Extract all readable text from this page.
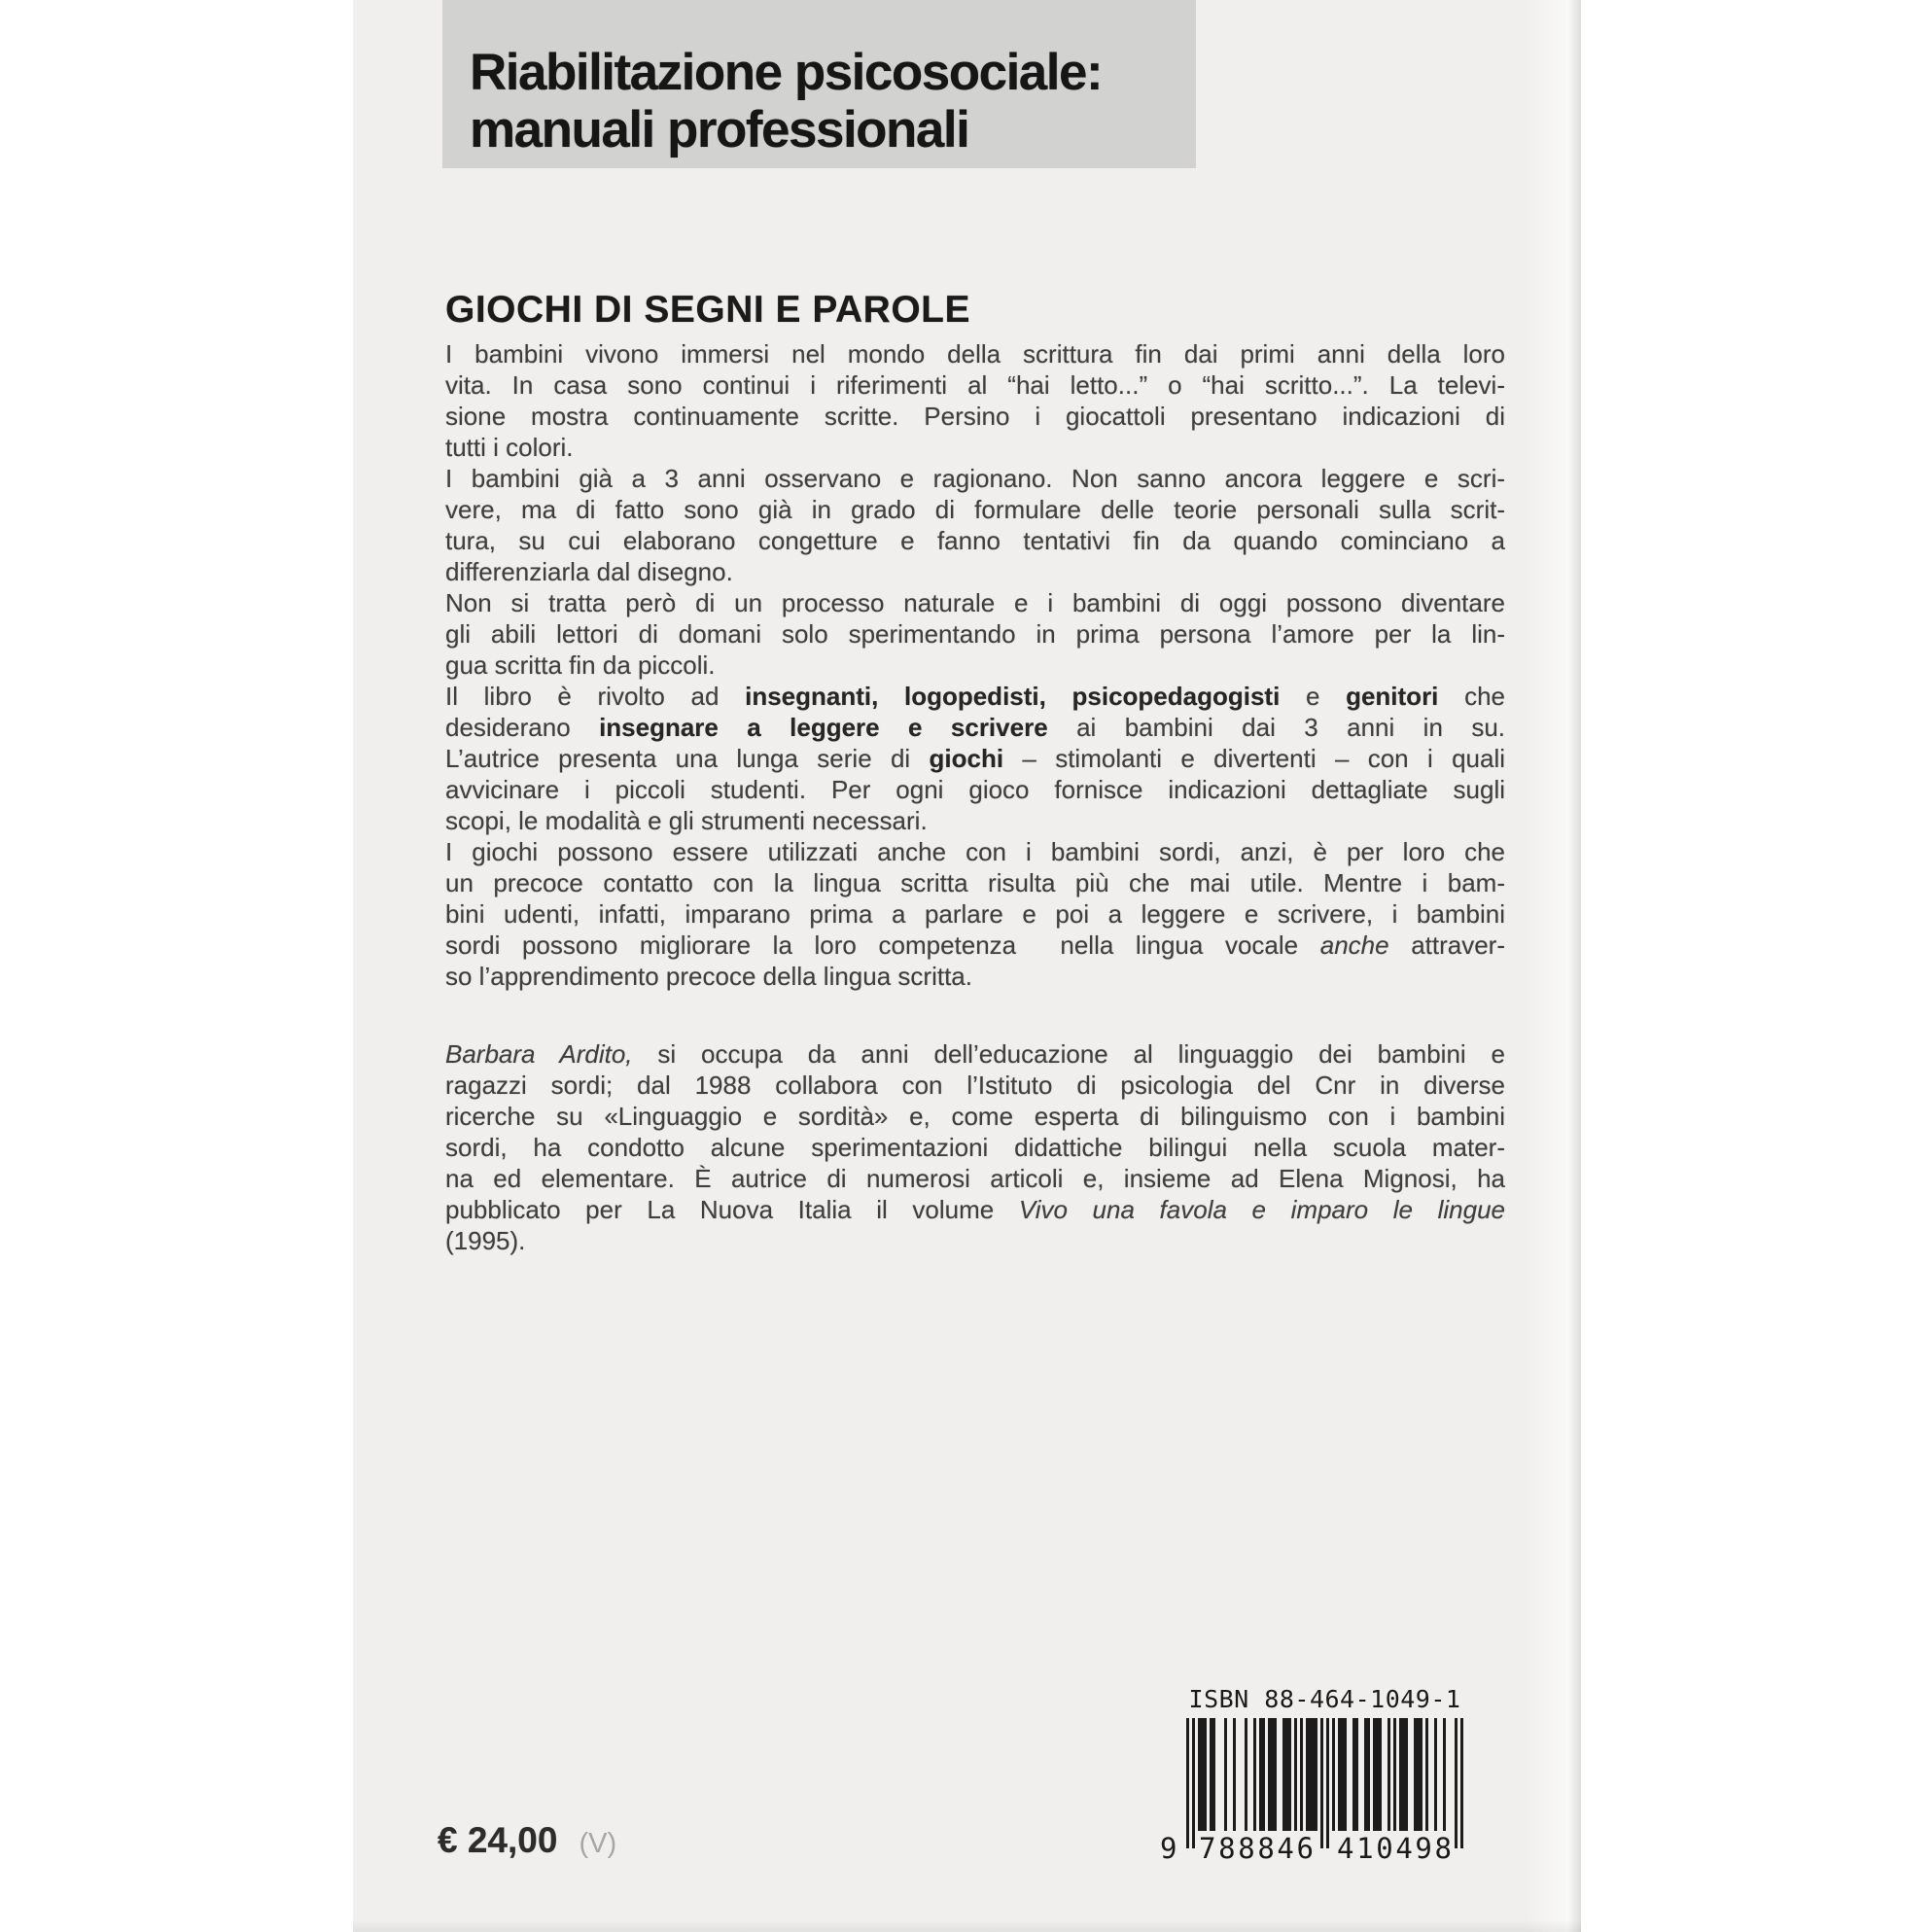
Riabilitazione psicosociale:
manuali professionali
GIOCHI DI SEGNI E PAROLE
I bambini vivono immersi nel mondo della scrittura fin dai primi anni della loro
vita. In casa sono continui i riferimenti al “hai letto...” o “hai scritto...”. La televi-
sione mostra continuamente scritte. Persino i giocattoli presentano indicazioni di
tutti i colori.
I bambini già a 3 anni osservano e ragionano. Non sanno ancora leggere e scri-
vere, ma di fatto sono già in grado di formulare delle teorie personali sulla scrit-
tura, su cui elaborano congetture e fanno tentativi fin da quando cominciano a
differenziarla dal disegno.
Non si tratta però di un processo naturale e i bambini di oggi possono diventare
gli abili lettori di domani solo sperimentando in prima persona l’amore per la lin-
gua scritta fin da piccoli.
Il libro è rivolto ad insegnanti, logopedisti, psicopedagogisti e genitori che
desiderano insegnare a leggere e scrivere ai bambini dai 3 anni in su.
L’autrice presenta una lunga serie di giochi – stimolanti e divertenti – con i quali
avvicinare i piccoli studenti. Per ogni gioco fornisce indicazioni dettagliate sugli
scopi, le modalità e gli strumenti necessari.
I giochi possono essere utilizzati anche con i bambini sordi, anzi, è per loro che
un precoce contatto con la lingua scritta risulta più che mai utile. Mentre i bam-
bini udenti, infatti, imparano prima a parlare e poi a leggere e scrivere, i bambini
sordi possono migliorare la loro competenza  nella lingua vocale anche attraver-
so l’apprendimento precoce della lingua scritta.
Barbara Ardito, si occupa da anni dell’educazione al linguaggio dei bambini e
ragazzi sordi; dal 1988 collabora con l’Istituto di psicologia del Cnr in diverse
ricerche su «Linguaggio e sordità» e, come esperta di bilinguismo con i bambini
sordi, ha condotto alcune sperimentazioni didattiche bilingui nella scuola mater-
na ed elementare. È autrice di numerosi articoli e, insieme ad Elena Mignosi, ha
pubblicato per La Nuova Italia il volume Vivo una favola e imparo le lingue
(1995).
€ 24,00 (V)
ISBN 88-464-1049-1
9 788846 410498
